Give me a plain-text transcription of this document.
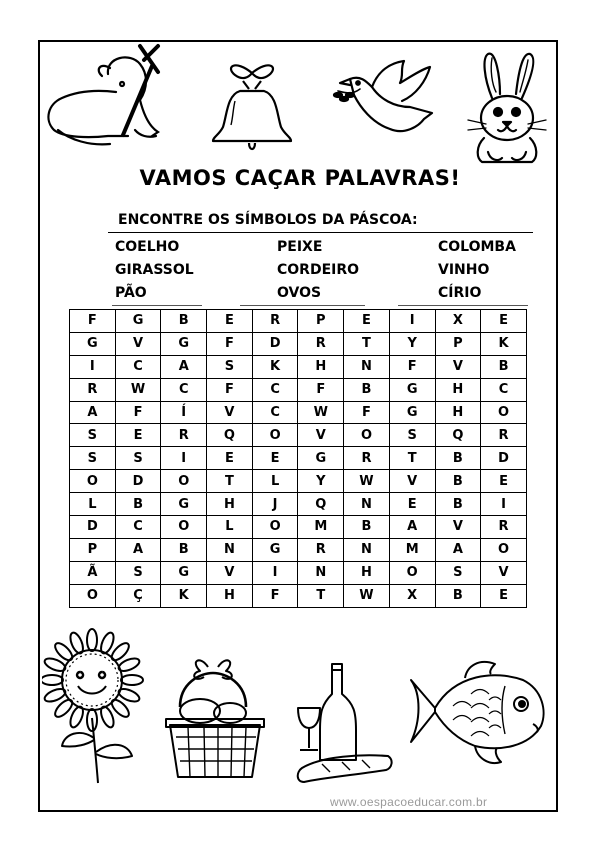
VAMOS CAÇAR PALAVRAS!
ENCONTRE OS SÍMBOLOS DA PÁSCOA:
COELHO	PEIXE	COLOMBA
GIRASSOL	CORDEIRO	VINHO
PÃO	OVOS	CÍRIO
F	G	B	E	R	P	E	I	X	E
G	V	G	F	D	R	T	Y	P	K
I	C	A	S	K	H	N	F	V	B
R	W	C	F	C	F	B	G	H	C
A	F	Í	V	C	W	F	G	H	O
S	E	R	Q	O	V	O	S	Q	R
S	S	I	E	E	G	R	T	B	D
O	D	O	T	L	Y	W	V	B	E
L	B	G	H	J	Q	N	E	B	I
D	C	O	L	O	M	B	A	V	R
P	A	B	N	G	R	N	M	A	O
Ã	S	G	V	I	N	H	O	S	V
O	Ç	K	H	F	T	W	X	B	E
www.oespacoeducar.com.br
